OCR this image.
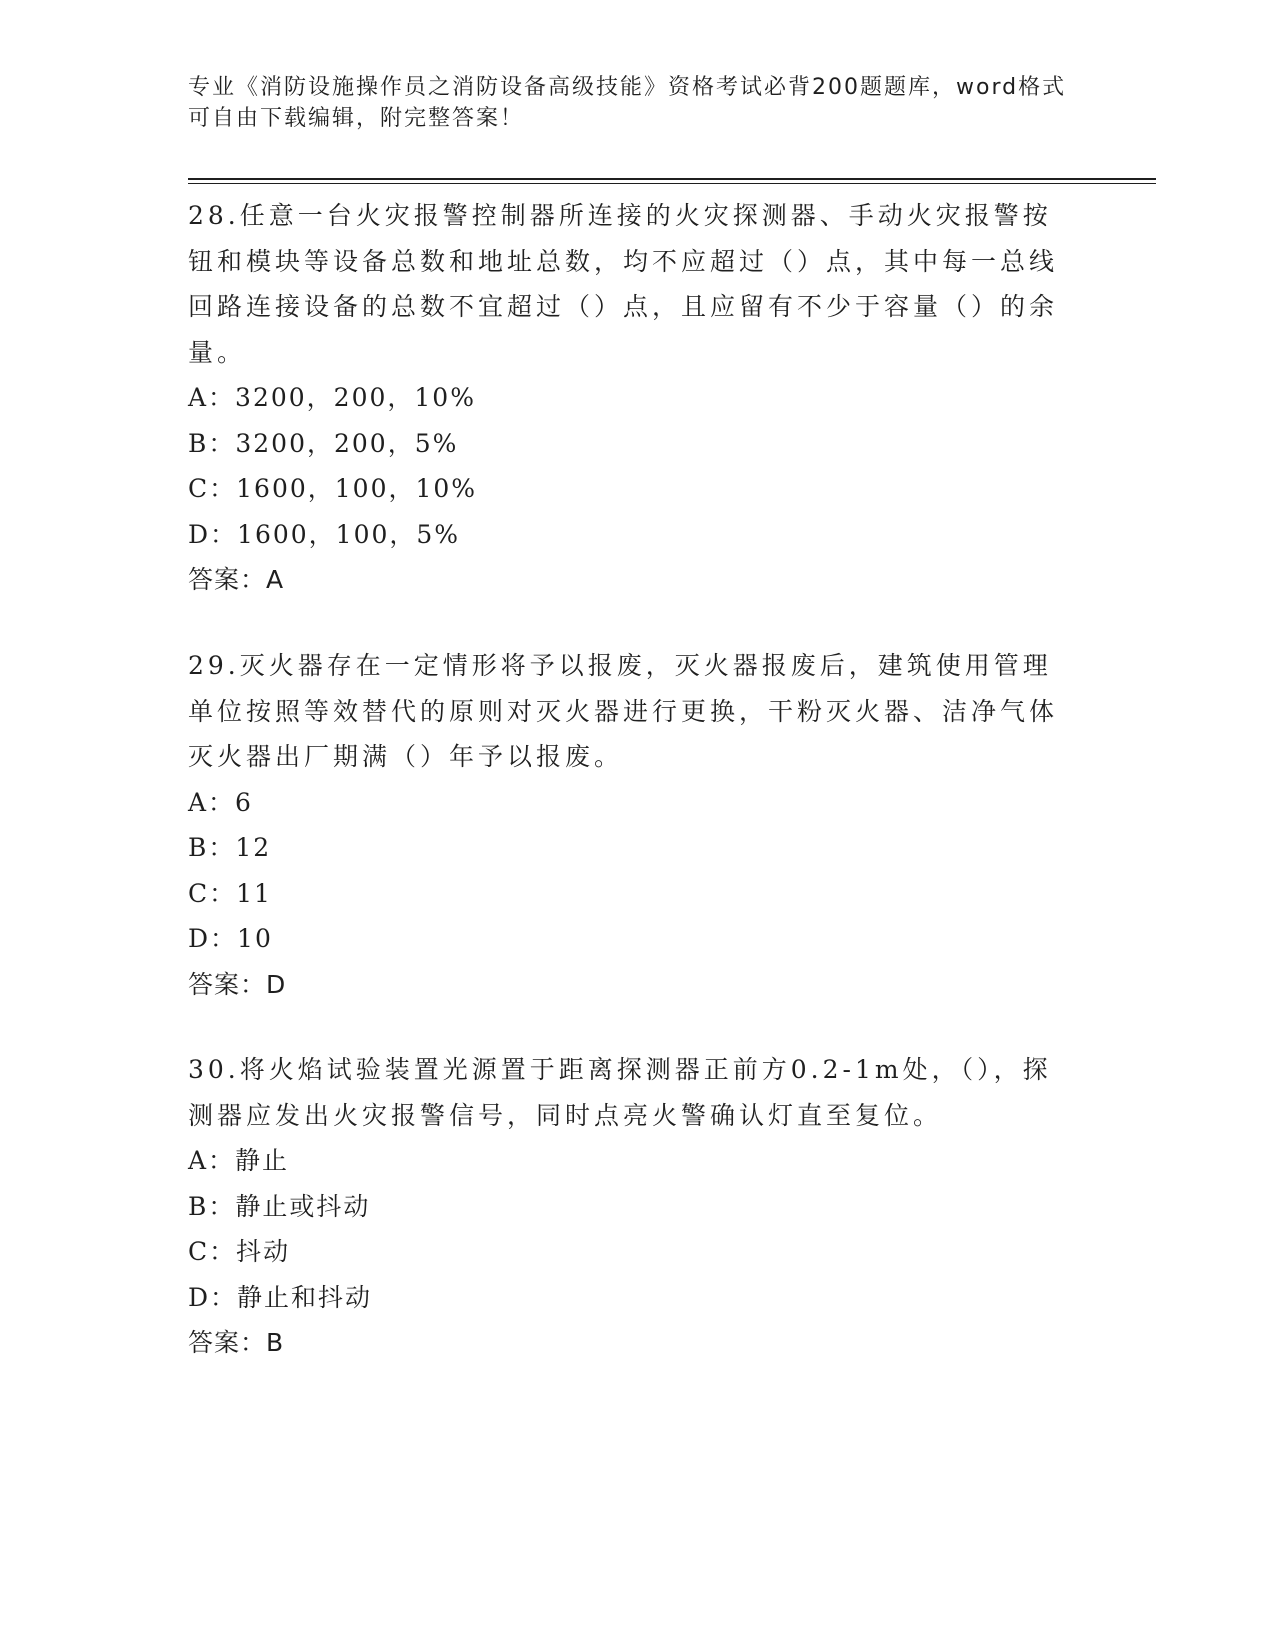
专业《消防设施操作员之消防设备高级技能》资格考试必背200题题库，word格式可自由下载编辑，附完整答案！

28.任意一台火灾报警控制器所连接的火灾探测器、手动火灾报警按钮和模块等设备总数和地址总数，均不应超过（）点，其中每一总线回路连接设备的总数不宜超过（）点，且应留有不少于容量（）的余量。

A：3200，200，10%

B：3200，200，5%

C：1600，100，10%

D：1600，100，5%

答案：A

29.灭火器存在一定情形将予以报废，灭火器报废后，建筑使用管理单位按照等效替代的原则对灭火器进行更换，干粉灭火器、洁净气体灭火器出厂期满（）年予以报废。

A：6

B：12

C：11

D：10

答案：D

30.将火焰试验装置光源置于距离探测器正前方0.2-1m处，（），探测器应发出火灾报警信号，同时点亮火警确认灯直至复位。

A：静止

B：静止或抖动

C：抖动

D：静止和抖动

答案：B
